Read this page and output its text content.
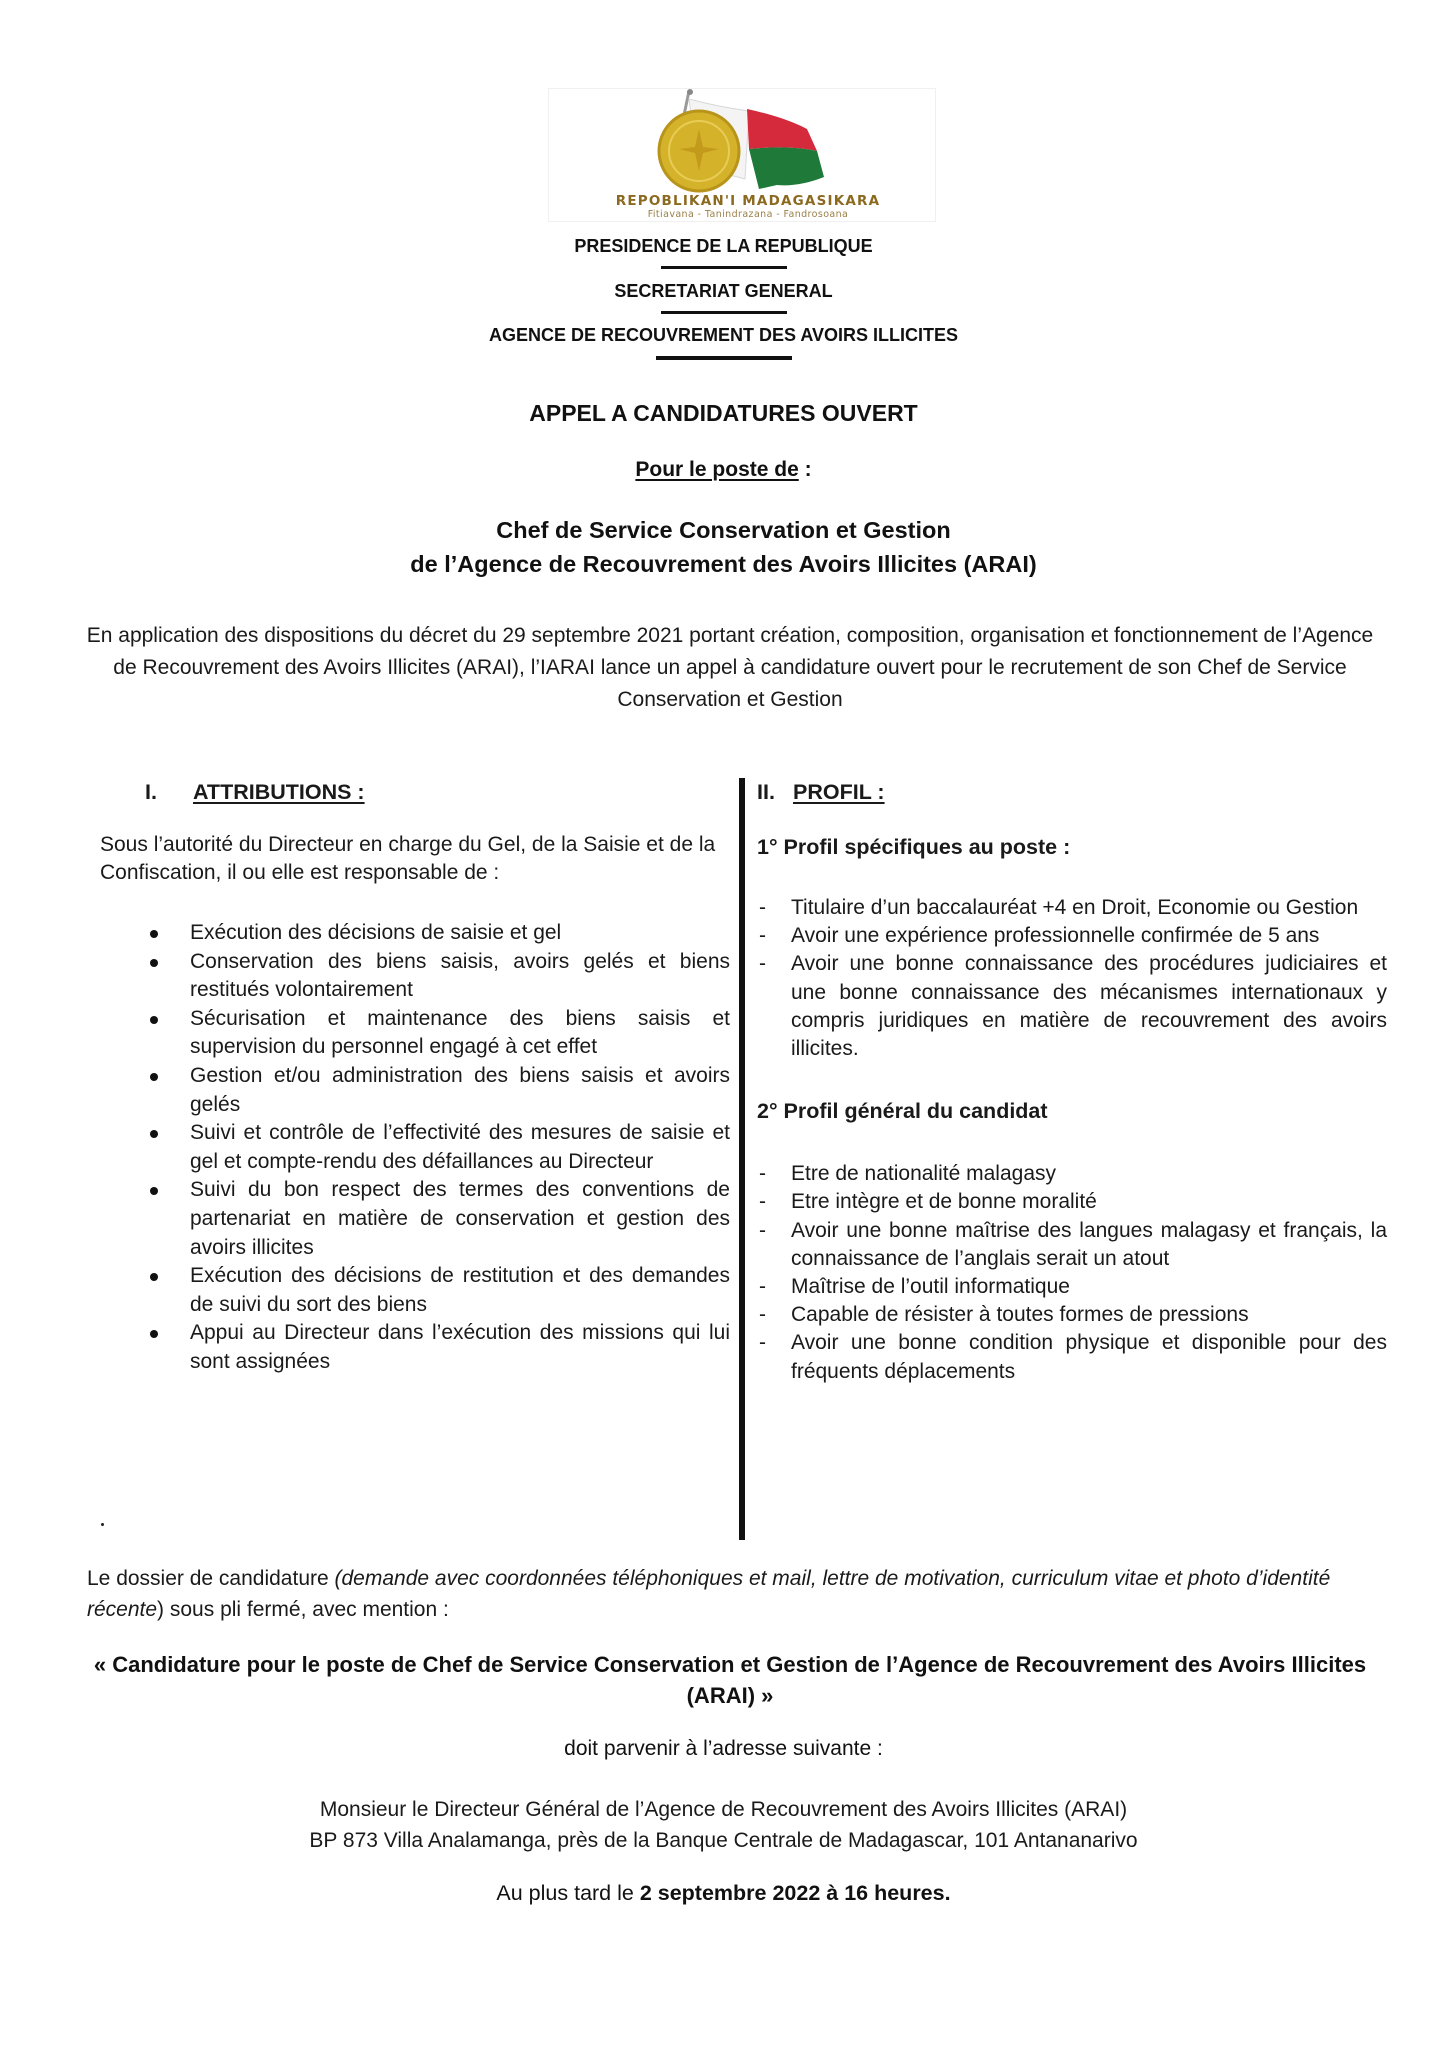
REPOBLIKAN'I MADAGASIKARA
Fitiavana - Tanindrazana - Fandrosoana
PRESIDENCE DE LA REPUBLIQUE
SECRETARIAT GENERAL
AGENCE DE RECOUVREMENT DES AVOIRS ILLICITES
APPEL A CANDIDATURES OUVERT
Pour le poste de :
Chef de Service Conservation et Gestion
de l’Agence de Recouvrement des Avoirs Illicites (ARAI)
En application des dispositions du décret du 29 septembre 2021 portant création, composition, organisation et fonctionnement de l’Agence de Recouvrement des Avoirs Illicites (ARAI), l’IARAI lance un appel à candidature ouvert pour le recrutement de son Chef de Service Conservation et Gestion
I.	ATTRIBUTIONS :
Sous l’autorité du Directeur en charge du Gel, de la Saisie et de la Confiscation, il ou elle est responsable de :
Exécution des décisions de saisie et gel
Conservation des biens saisis, avoirs gelés et biens restitués volontairement
Sécurisation et maintenance des biens saisis et supervision du personnel engagé à cet effet
Gestion et/ou administration des biens saisis et avoirs gelés
Suivi et contrôle de l’effectivité des mesures de saisie et gel et compte-rendu des défaillances au Directeur
Suivi du bon respect des termes des conventions de partenariat en matière de conservation et gestion des avoirs illicites
Exécution des décisions de restitution et des demandes de suivi du sort des biens
Appui au Directeur dans l’exécution des missions qui lui sont assignées
II. PROFIL :
1° Profil spécifiques au poste :
- Titulaire d’un baccalauréat +4 en Droit, Economie ou Gestion
- Avoir une expérience professionnelle confirmée de 5 ans
- Avoir une bonne connaissance des procédures judiciaires et une bonne connaissance des mécanismes internationaux y compris juridiques en matière de recouvrement des avoirs illicites.
2° Profil général du candidat
- Etre de nationalité malagasy
- Etre intègre et de bonne moralité
- Avoir une bonne maîtrise des langues malagasy et français, la connaissance de l’anglais serait un atout
- Maîtrise de l’outil informatique
- Capable de résister à toutes formes de pressions
- Avoir une bonne condition physique et disponible pour des fréquents déplacements
Le dossier de candidature (demande avec coordonnées téléphoniques et mail, lettre de motivation, curriculum vitae et photo d’identité récente) sous pli fermé, avec mention :
« Candidature pour le poste de Chef de Service Conservation et Gestion de l’Agence de Recouvrement des Avoirs Illicites (ARAI) »
doit parvenir à l’adresse suivante :
Monsieur le Directeur Général de l’Agence de Recouvrement des Avoirs Illicites (ARAI)
BP 873 Villa Analamanga, près de la Banque Centrale de Madagascar, 101 Antananarivo
Au plus tard le 2 septembre 2022 à 16 heures.
